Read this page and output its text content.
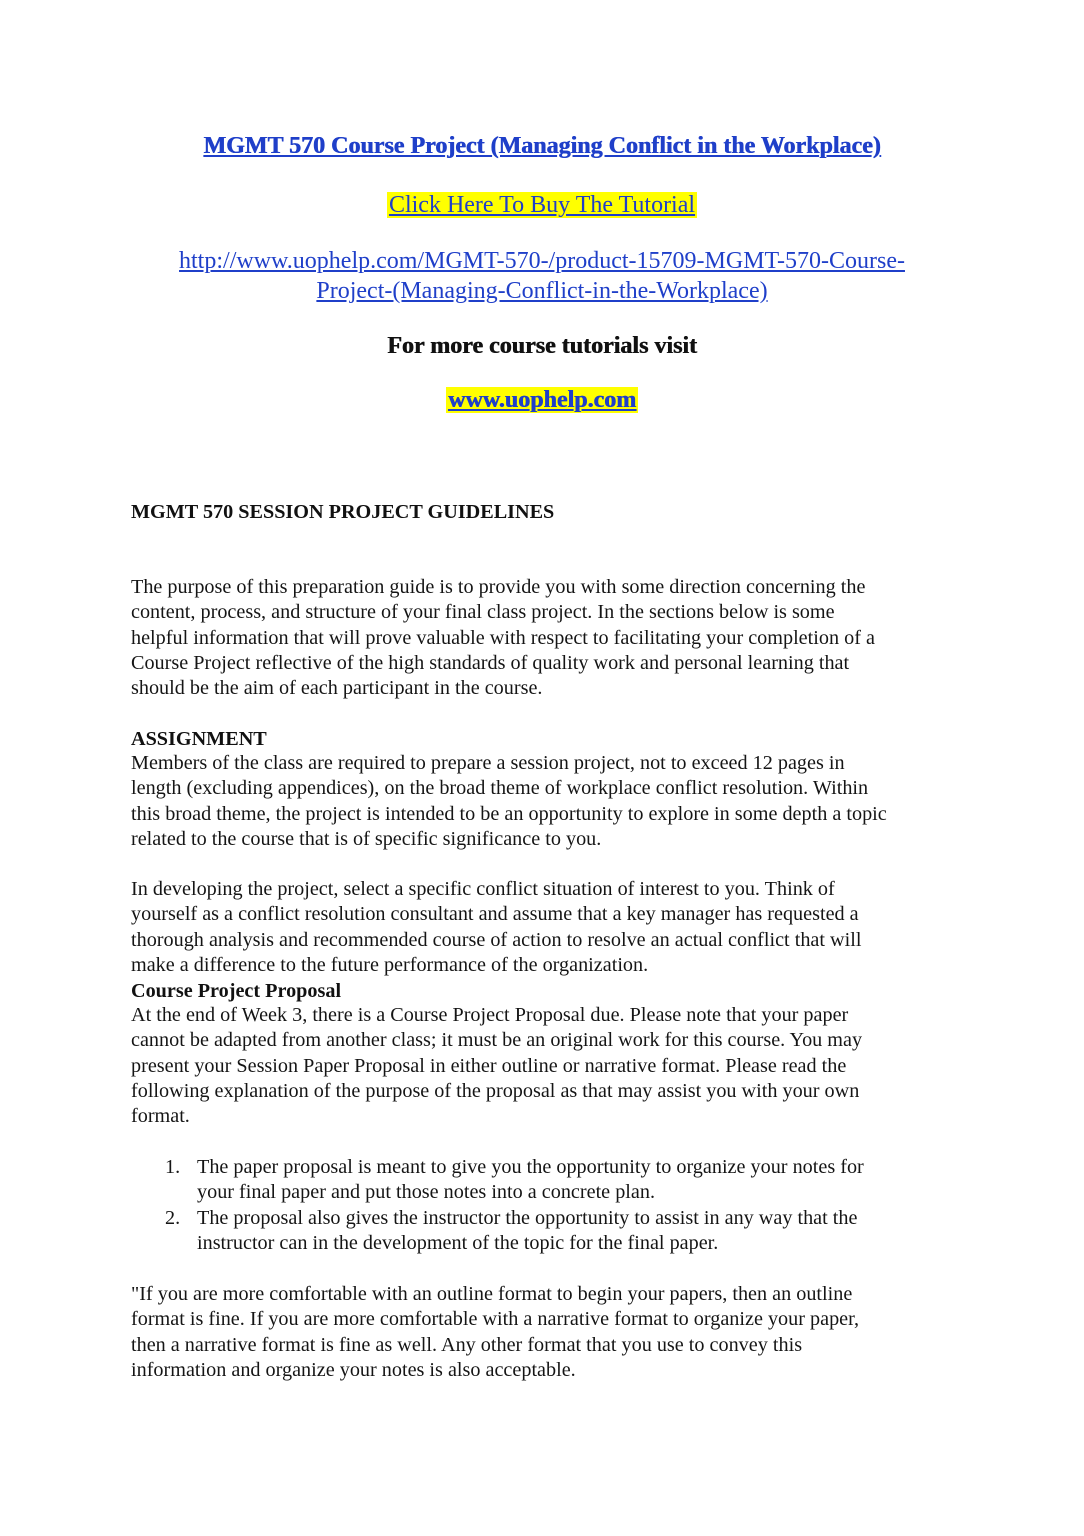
MGMT 570 Course Project (Managing Conflict in the Workplace)
Click Here To Buy The Tutorial
http://www.uophelp.com/MGMT-570-/product-15709-MGMT-570-Course-
Project-(Managing-Conflict-in-the-Workplace)
For more course tutorials visit
www.uophelp.com
MGMT 570 SESSION PROJECT GUIDELINES
The purpose of this preparation guide is to provide you with some direction concerning the
content, process, and structure of your final class project. In the sections below is some
helpful information that will prove valuable with respect to facilitating your completion of a
Course Project reflective of the high standards of quality work and personal learning that
should be the aim of each participant in the course.
ASSIGNMENT
Members of the class are required to prepare a session project, not to exceed 12 pages in
length (excluding appendices), on the broad theme of workplace conflict resolution. Within
this broad theme, the project is intended to be an opportunity to explore in some depth a topic
related to the course that is of specific significance to you.
In developing the project, select a specific conflict situation of interest to you. Think of
yourself as a conflict resolution consultant and assume that a key manager has requested a
thorough analysis and recommended course of action to resolve an actual conflict that will
make a difference to the future performance of the organization.
Course Project Proposal
At the end of Week 3, there is a Course Project Proposal due. Please note that your paper
cannot be adapted from another class; it must be an original work for this course. You may
present your Session Paper Proposal in either outline or narrative format. Please read the
following explanation of the purpose of the proposal as that may assist you with your own
format.
1. The paper proposal is meant to give you the opportunity to organize your notes for
your final paper and put those notes into a concrete plan.
2. The proposal also gives the instructor the opportunity to assist in any way that the
instructor can in the development of the topic for the final paper.
"If you are more comfortable with an outline format to begin your papers, then an outline
format is fine. If you are more comfortable with a narrative format to organize your paper,
then a narrative format is fine as well. Any other format that you use to convey this
information and organize your notes is also acceptable.
